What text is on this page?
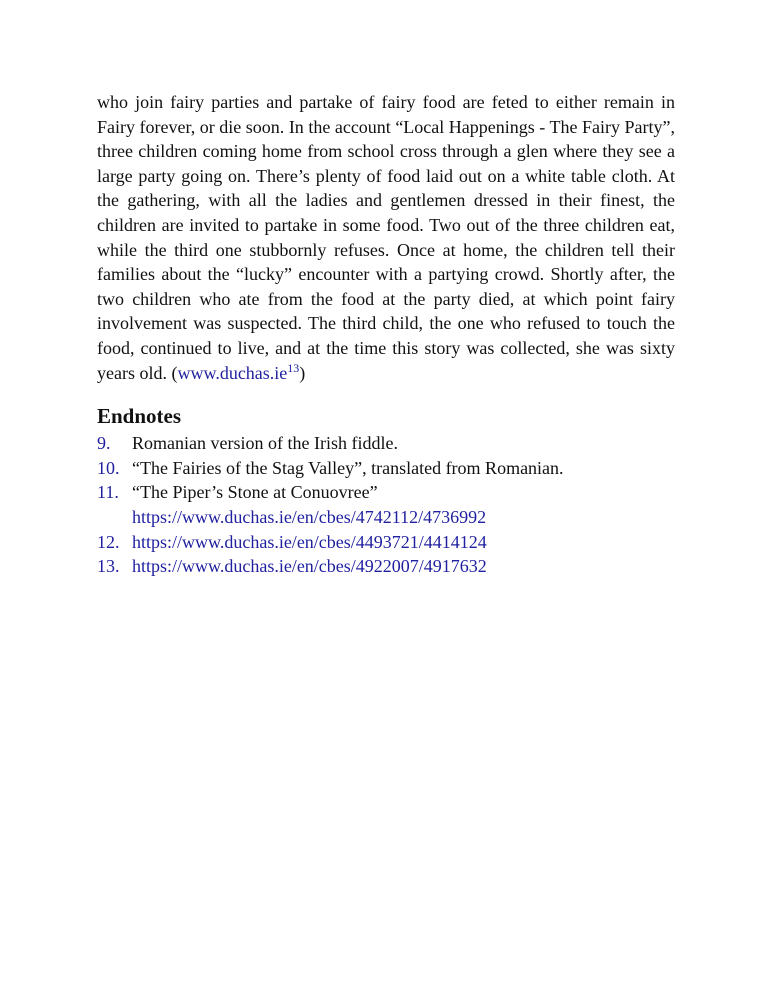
who join fairy parties and partake of fairy food are feted to either remain in Fairy forever, or die soon. In the account “Local Happenings - The Fairy Party”, three children coming home from school cross through a glen where they see a large party going on. There’s plenty of food laid out on a white table cloth. At the gathering, with all the ladies and gentlemen dressed in their finest, the children are invited to partake in some food. Two out of the three children eat, while the third one stubbornly refuses. Once at home, the children tell their families about the “lucky” encounter with a partying crowd. Shortly after, the two children who ate from the food at the party died, at which point fairy involvement was suspected. The third child, the one who refused to touch the food, continued to live, and at the time this story was collected, she was sixty years old. (www.duchas.ie$^{13}$)

Endnotes
9.	Romanian version of the Irish fiddle.
10. “The Fairies of the Stag Valley”, translated from Romanian.
11. “The Piper’s Stone at Conuovree”
https://www.duchas.ie/en/cbes/4742112/4736992
12. https://www.duchas.ie/en/cbes/4493721/4414124
13. https://www.duchas.ie/en/cbes/4922007/4917632
